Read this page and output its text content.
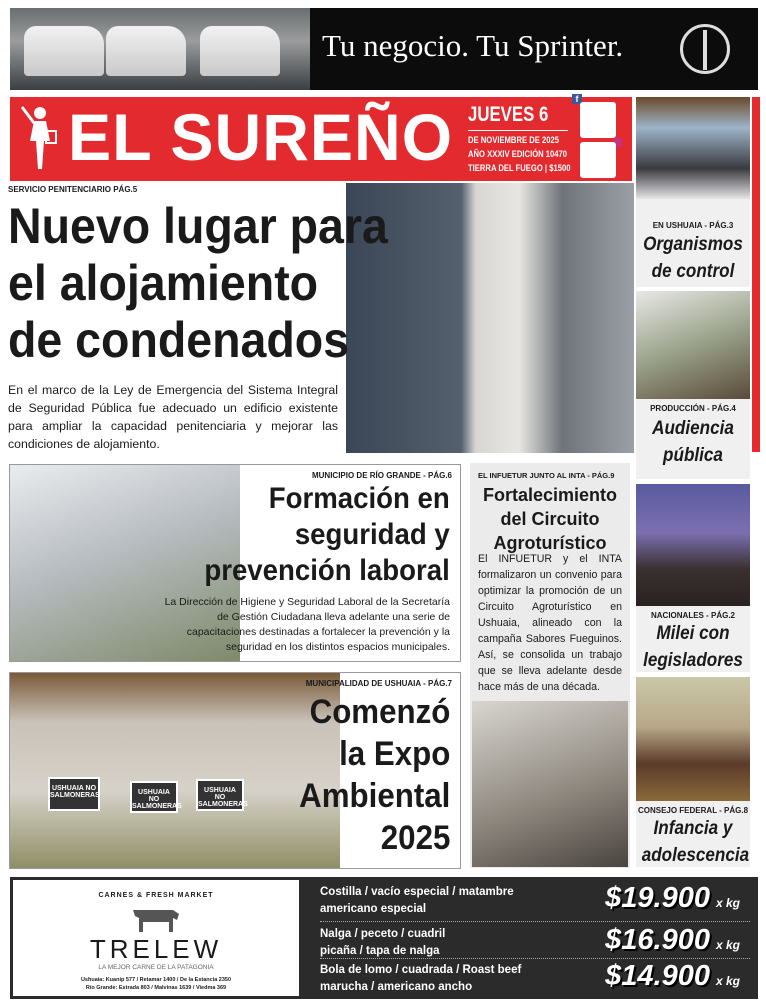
Tu negocio. Tu Sprinter.
EL SUREÑO JUEVES 6
DE NOVIEMBRE DE 2025
AÑO XXXIV EDICIÓN 10470
TIERRA DEL FUEGO | $1500
f
SERVICIO PENITENCIARIO PÁG.5
Nuevo lugar para
el alojamiento
de condenados
En el marco de la Ley de Emergencia del Sistema Integral de Seguridad Pública fue adecuado un edificio existente para ampliar la capacidad penitenciaria y mejorar las condiciones de alojamiento.
MUNICIPIO DE RÍO GRANDE - PÁG.6
Formación en
seguridad y
prevención laboral
La Dirección de Higiene y Seguridad Laboral de la Secretaría de Gestión Ciudadana lleva adelante una serie de capacitaciones destinadas a fortalecer la prevención y la seguridad en los distintos espacios municipales.
USHUAIA NO SALMONERAS	USHUAIA NO SALMONERAS
USHUAIA NO SALMONERAS
MUNICIPALIDAD DE USHUAIA - PÁG.7
Comenzó
la Expo
Ambiental
2025
EL INFUETUR JUNTO AL INTA - PÁG.9
Fortalecimiento
del Circuito
Agroturístico
El INFUETUR y el INTA formalizaron un convenio para optimizar la promoción de un Circuito Agroturístico en Ushuaia, alineado con la campaña Sabores Fueguinos. Así, se consolida un trabajo que se lleva adelante desde hace más de una década.
EN USHUAIA - PÁG.3
Organismos
de control
PRODUCCIÓN - PÁG.4
Audiencia
pública
NACIONALES - PÁG.2
Milei con
legisladores
CONSEJO FEDERAL - PÁG.8
Infancia y
adolescencia
CARNES & FRESH MARKET
TRELEW
LA MEJOR CARNE DE LA PATAGONIA
Ushuaia: Kuanip 577 / Retamar 1400 / De la Estancia 2350
Río Grande: Estrada 803 / Malvinas 1639 / Viedma 369
Costilla / vacío especial / matambre
americano especial	$19.900 x kg
Nalga / peceto / cuadril
picaña / tapa de nalga	$16.900 x kg
Bola de lomo / cuadrada / Roast beef
marucha / americano ancho	$14.900 x kg
